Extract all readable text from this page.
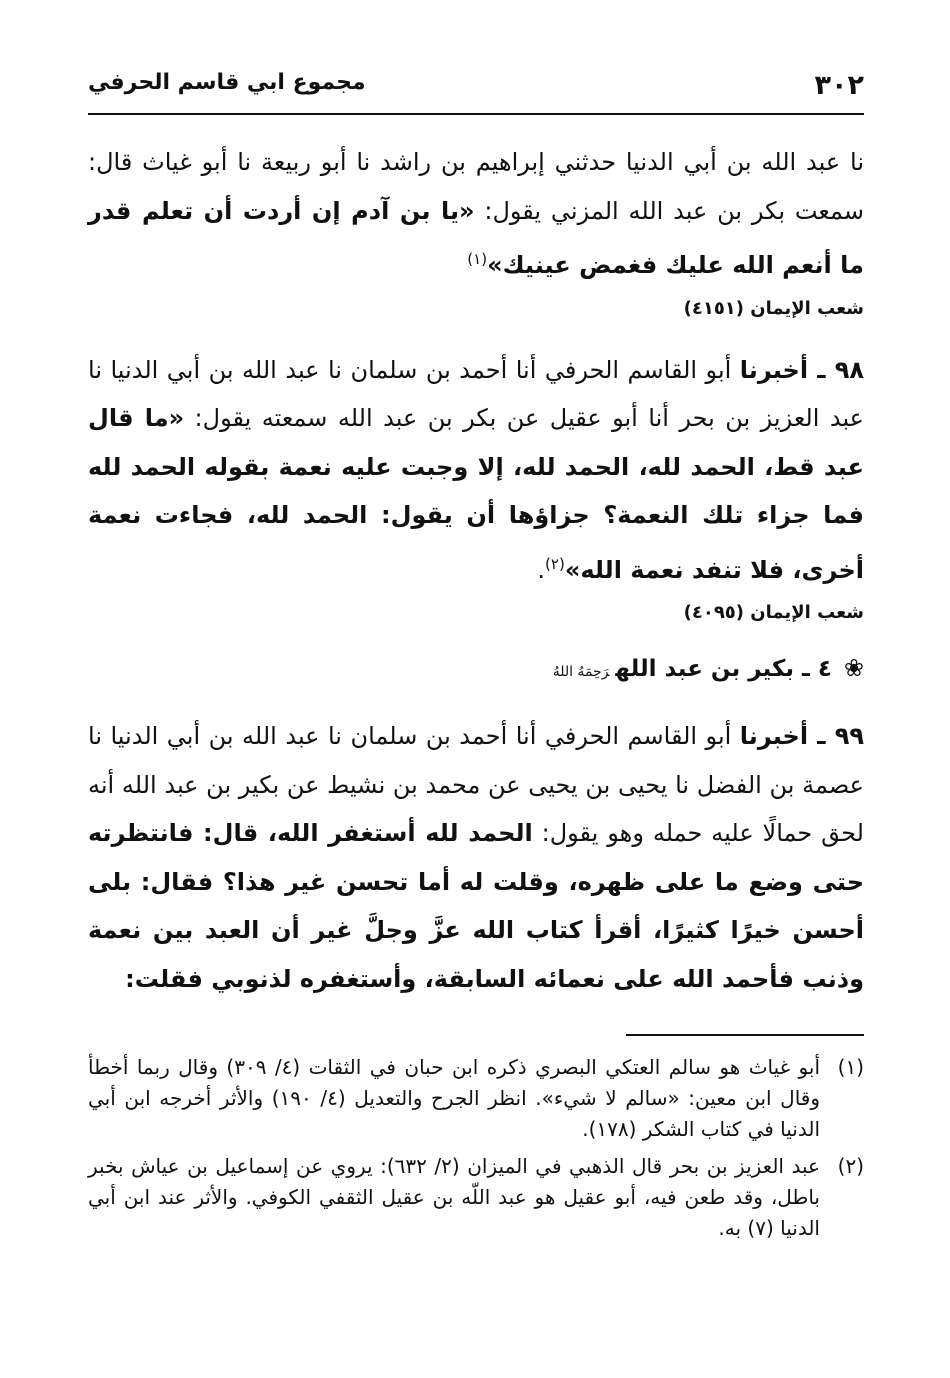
٣٠٢
مجموع ابي قاسم الحرفي

نا عبد الله بن أبي الدنيا حدثني إبراهيم بن راشد نا أبو ربيعة نا أبو غياث قال: سمعت بكر بن عبد الله المزني يقول: «يا بن آدم إن أردت أن تعلم قدر ما أنعم الله عليك فغمض عينيك»$^{(١)}$

شعب الإيمان (٤١٥١)

٩٨ ـ أخبرنا أبو القاسم الحرفي أنا أحمد بن سلمان نا عبد الله بن أبي الدنيا نا عبد العزيز بن بحر أنا أبو عقيل عن بكر بن عبد الله سمعته يقول: «ما قال عبد قط، الحمد لله، الحمد لله، إلا وجبت عليه نعمة بقوله الحمد لله فما جزاء تلك النعمة؟ جزاؤها أن يقول: الحمد لله، فجاءت نعمة أخرى، فلا تنفد نعمة الله»$^{(٢)}$.

شعب الإيمان (٤٠٩٥)
❀٤ ـ بكير بن عبد اللهرَحِمَهُ اللهُ

٩٩ ـ أخبرنا أبو القاسم الحرفي أنا أحمد بن سلمان نا عبد الله بن أبي الدنيا نا عصمة بن الفضل نا يحيى بن يحيى عن محمد بن نشيط عن بكير بن عبد الله أنه لحق حمالًا عليه حمله وهو يقول: الحمد لله أستغفر الله، قال: فانتظرته حتى وضع ما على ظهره، وقلت له أما تحسن غير هذا؟ فقال: بلى أحسن خيرًا كثيرًا، أقرأ كتاب الله عزَّ وجلَّ غير أن العبد بين نعمة وذنب فأحمد الله على نعمائه السابقة، وأستغفره لذنوبي فقلت:

(١)
أبو غياث هو سالم العتكي البصري ذكره ابن حبان في الثقات (٤/ ٣٠٩) وقال ربما أخطأ وقال ابن معين: «سالم لا شيء». انظر الجرح والتعديل (٤/ ١٩٠) والأثر أخرجه ابن أبي الدنيا في كتاب الشكر (١٧٨).
(٢)
عبد العزيز بن بحر قال الذهبي في الميزان (٢/ ٦٣٢): يروي عن إسماعيل بن عياش بخبر باطل، وقد طعن فيه، أبو عقيل هو عبد اللّه بن عقيل الثقفي الكوفي. والأثر عند ابن أبي الدنيا (٧) به.
